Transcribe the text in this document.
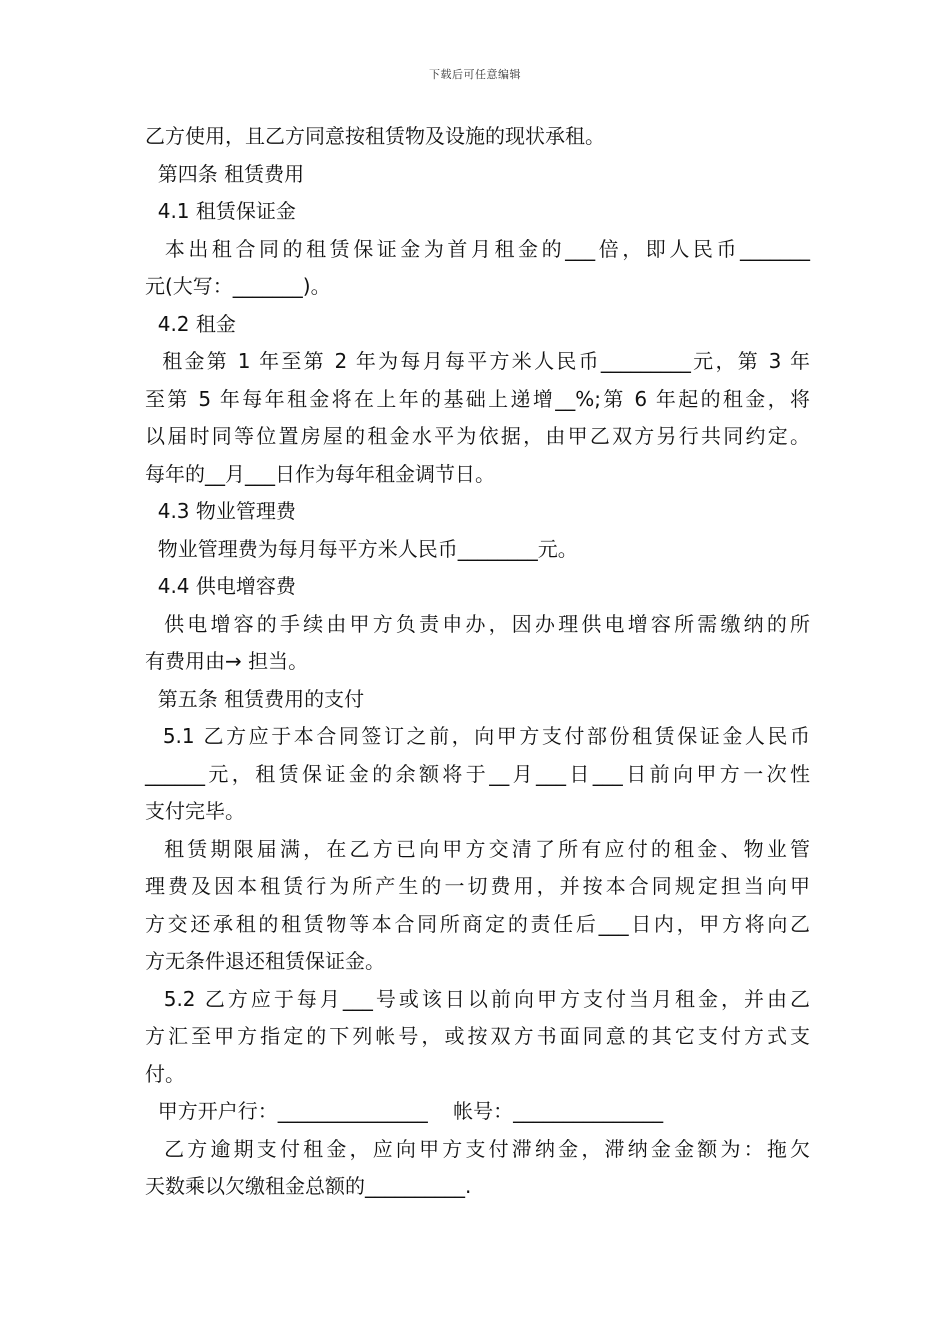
下载后可任意编辑
乙方使用，且乙方同意按租赁物及设施的现状承租。
第四条 租赁费用
4.1 租赁保证金
本出租合同的租赁保证金为首月租金的___倍，即人民币_______
元(大写：_______)。
4.2 租金
租金第 1 年至第 2 年为每月每平方米人民币_________元，第 3 年
至第 5 年每年租金将在上年的基础上递增__%;第 6 年起的租金，将
以届时同等位置房屋的租金水平为依据，由甲乙双方另行共同约定。
每年的__月___日作为每年租金调节日。
4.3 物业管理费
物业管理费为每月每平方米人民币________元。
4.4 供电增容费
供电增容的手续由甲方负责申办，因办理供电增容所需缴纳的所
有费用由→ 担当。
第五条 租赁费用的支付
5.1 乙方应于本合同签订之前，向甲方支付部份租赁保证金人民币
______元，租赁保证金的余额将于__月___日___日前向甲方一次性
支付完毕。
租赁期限届满，在乙方已向甲方交清了所有应付的租金、物业管
理费及因本租赁行为所产生的一切费用，并按本合同规定担当向甲
方交还承租的租赁物等本合同所商定的责任后___日内，甲方将向乙
方无条件退还租赁保证金。
5.2 乙方应于每月___号或该日以前向甲方支付当月租金，并由乙
方汇至甲方指定的下列帐号，或按双方书面同意的其它支付方式支
付。
甲方开户行：_______________    帐号：_______________
乙方逾期支付租金，应向甲方支付滞纳金，滞纳金金额为：拖欠
天数乘以欠缴租金总额的__________.
